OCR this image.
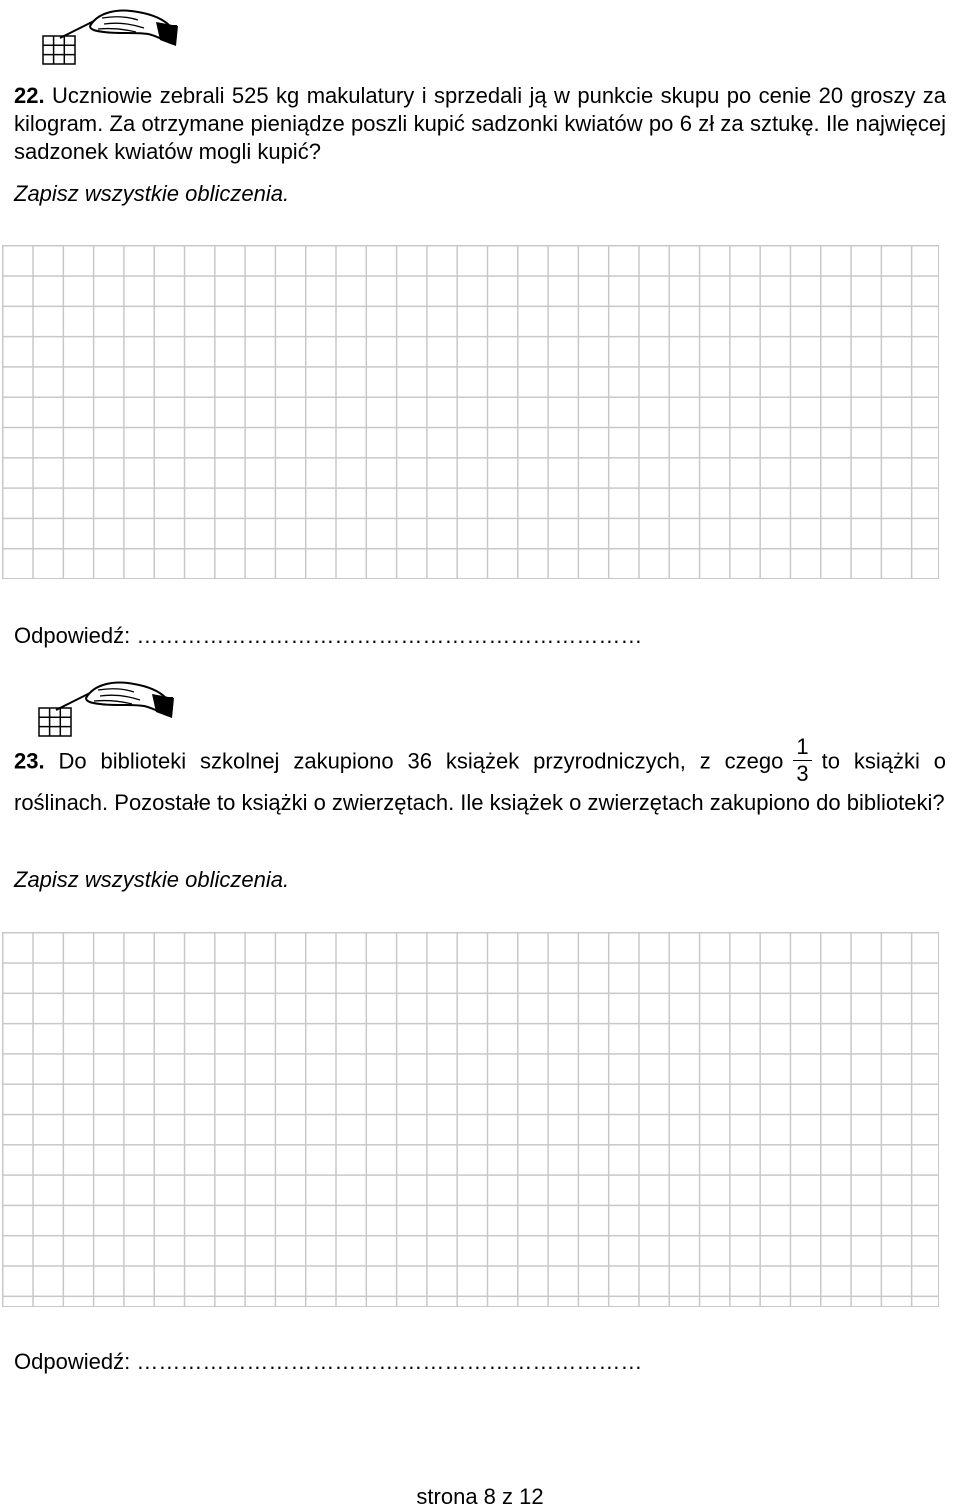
22. Uczniowie zebrali 525 kg makulatury i sprzedali ją w punkcie skupu po cenie 20 groszy za kilogram. Za otrzymane pieniądze poszli kupić sadzonki kwiatów po 6 zł za sztukę. Ile najwięcej sadzonek kwiatów mogli kupić?
Zapisz wszystkie obliczenia.
Odpowiedź: ……………………………………………………………
23. Do biblioteki szkolnej zakupiono 36 książek przyrodniczych, z czego $\frac{1}{3}$ to książki o roślinach. Pozostałe to książki o zwierzętach. Ile książek o zwierzętach zakupiono do biblioteki?
Zapisz wszystkie obliczenia.
Odpowiedź: ……………………………………………………………
strona 8 z 12
